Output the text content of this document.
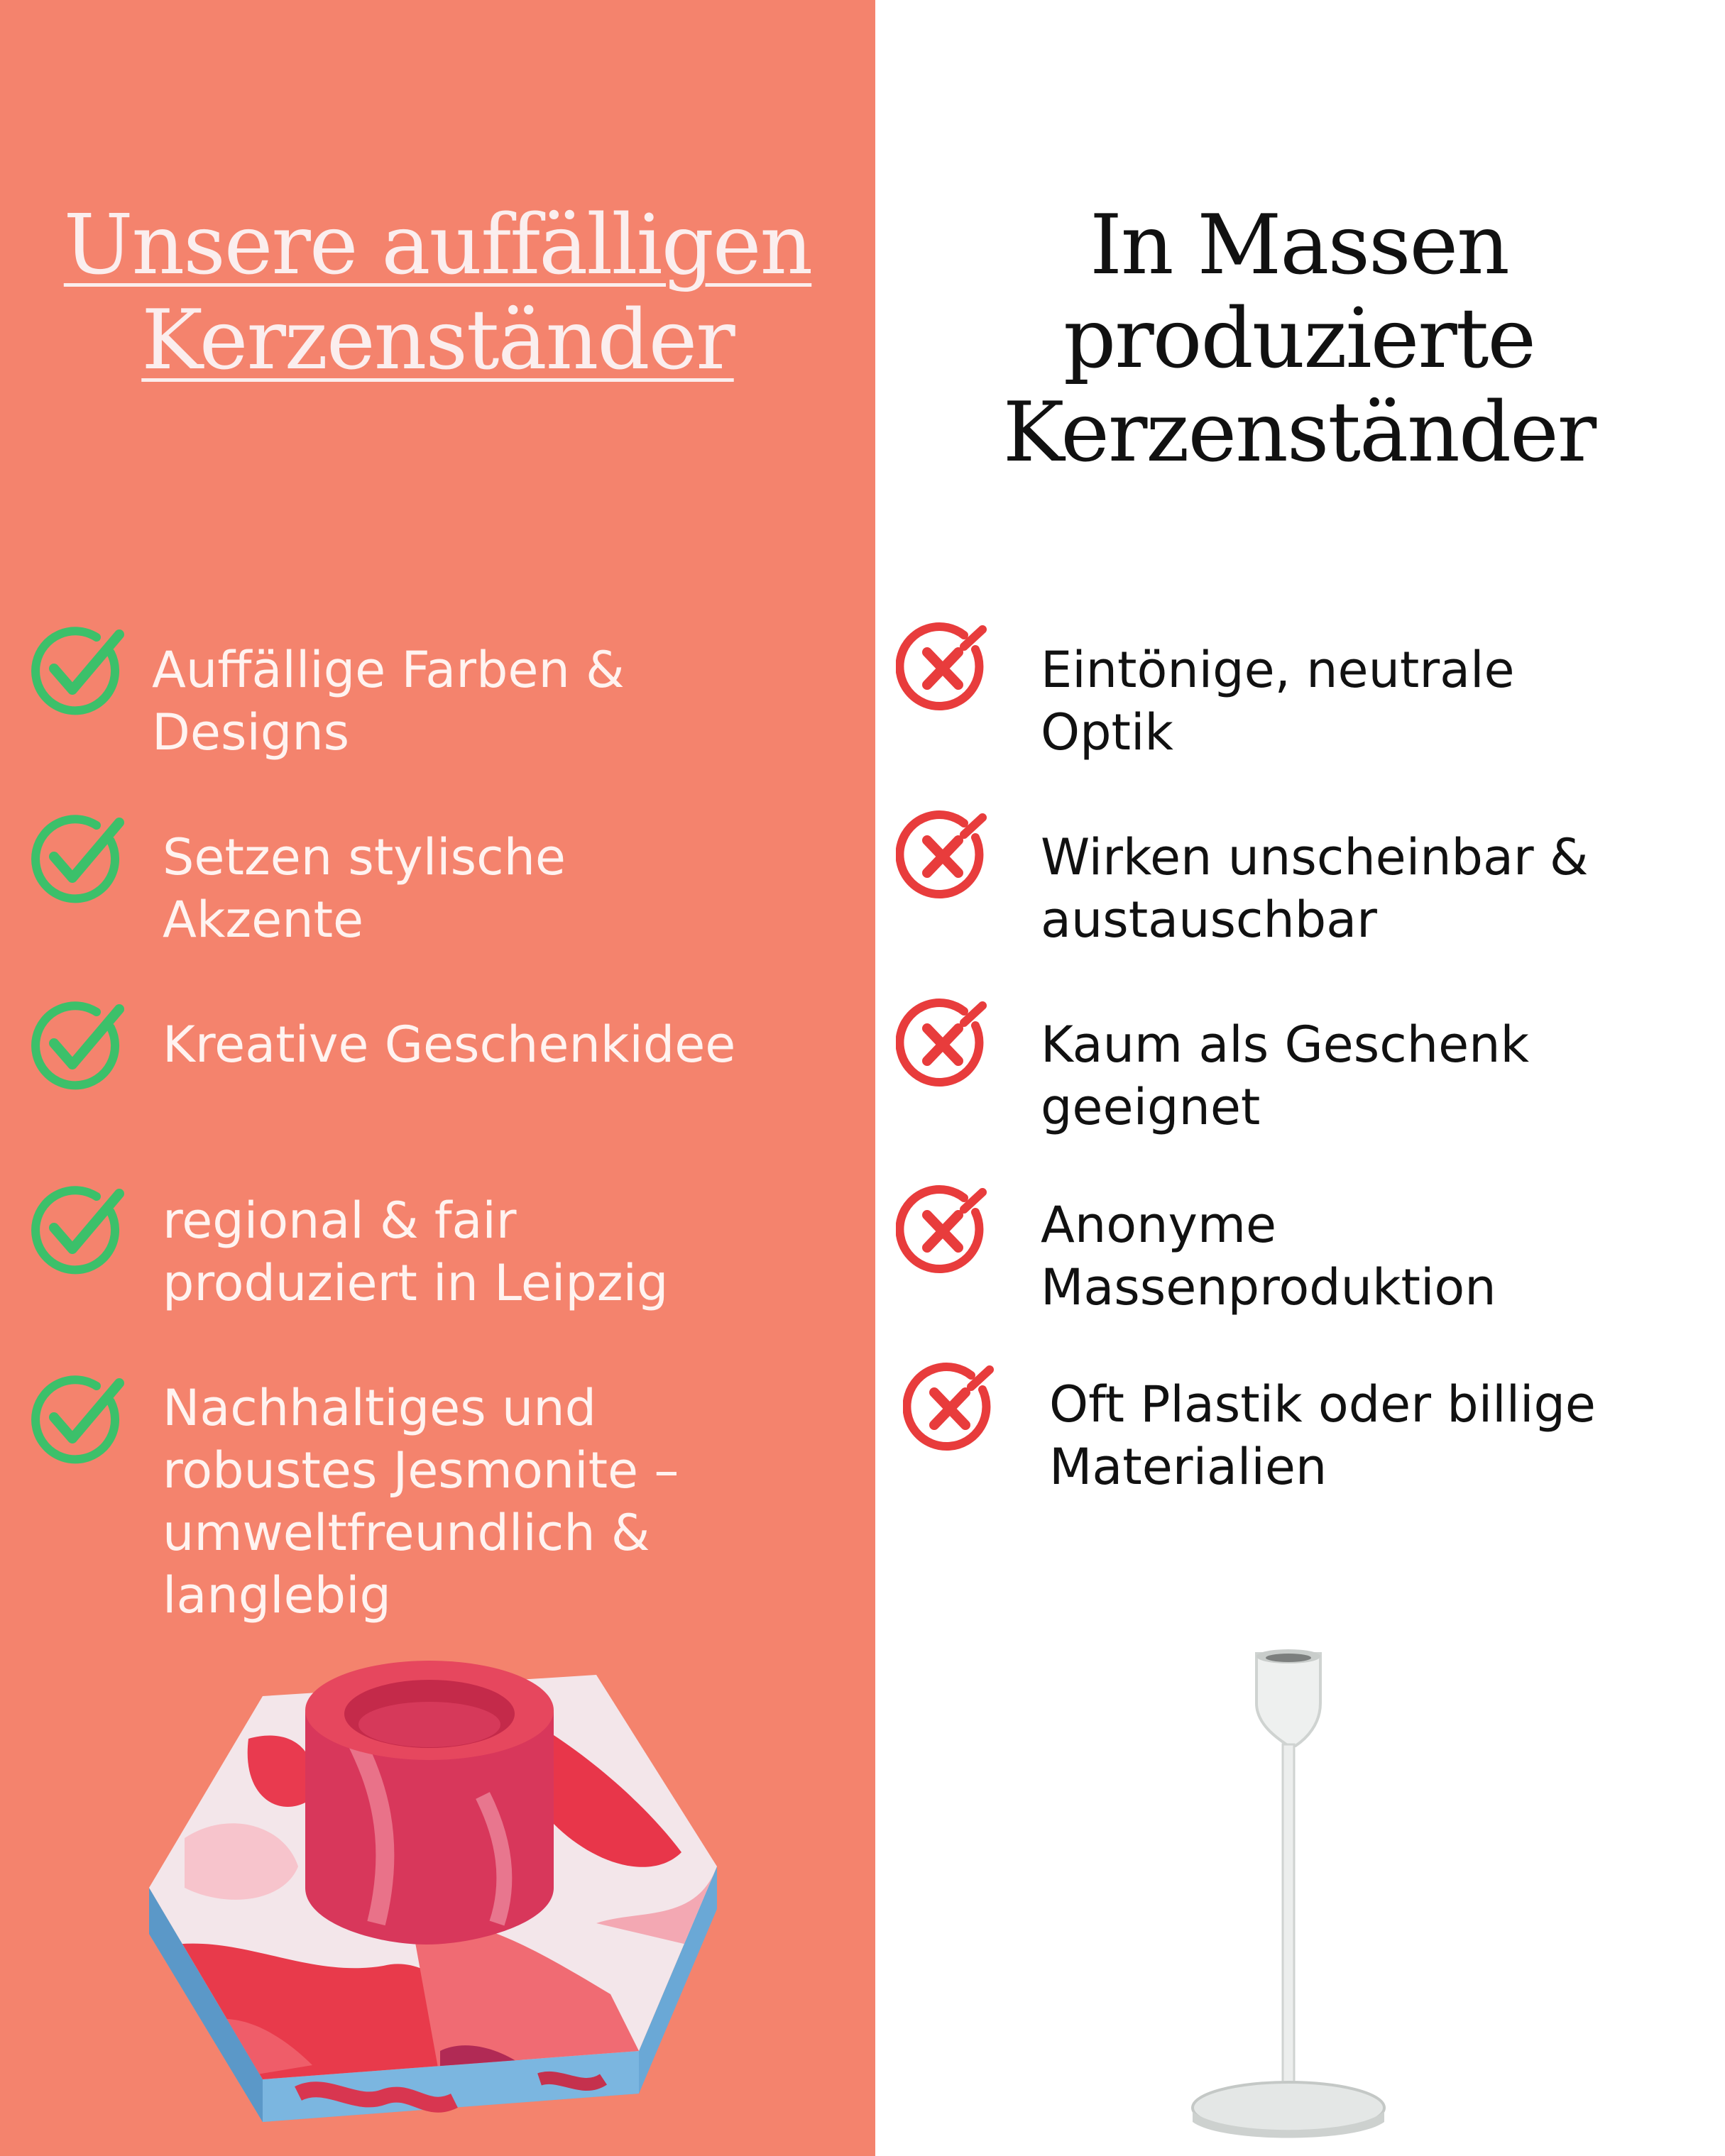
Unsere auffälligen
Kerzenständer
In Massen
produzierte
Kerzenständer
Auffällige Farben &
Designs
Setzen stylische
Akzente
Kreative Geschenkidee
regional & fair
produziert in Leipzig
Nachhaltiges und
robustes Jesmonite –
umweltfreundlich &
langlebig
Eintönige, neutrale
Optik
Wirken unscheinbar &
austauschbar
Kaum als Geschenk
geeignet
Anonyme
Massenproduktion
Oft Plastik oder billige
Materialien
